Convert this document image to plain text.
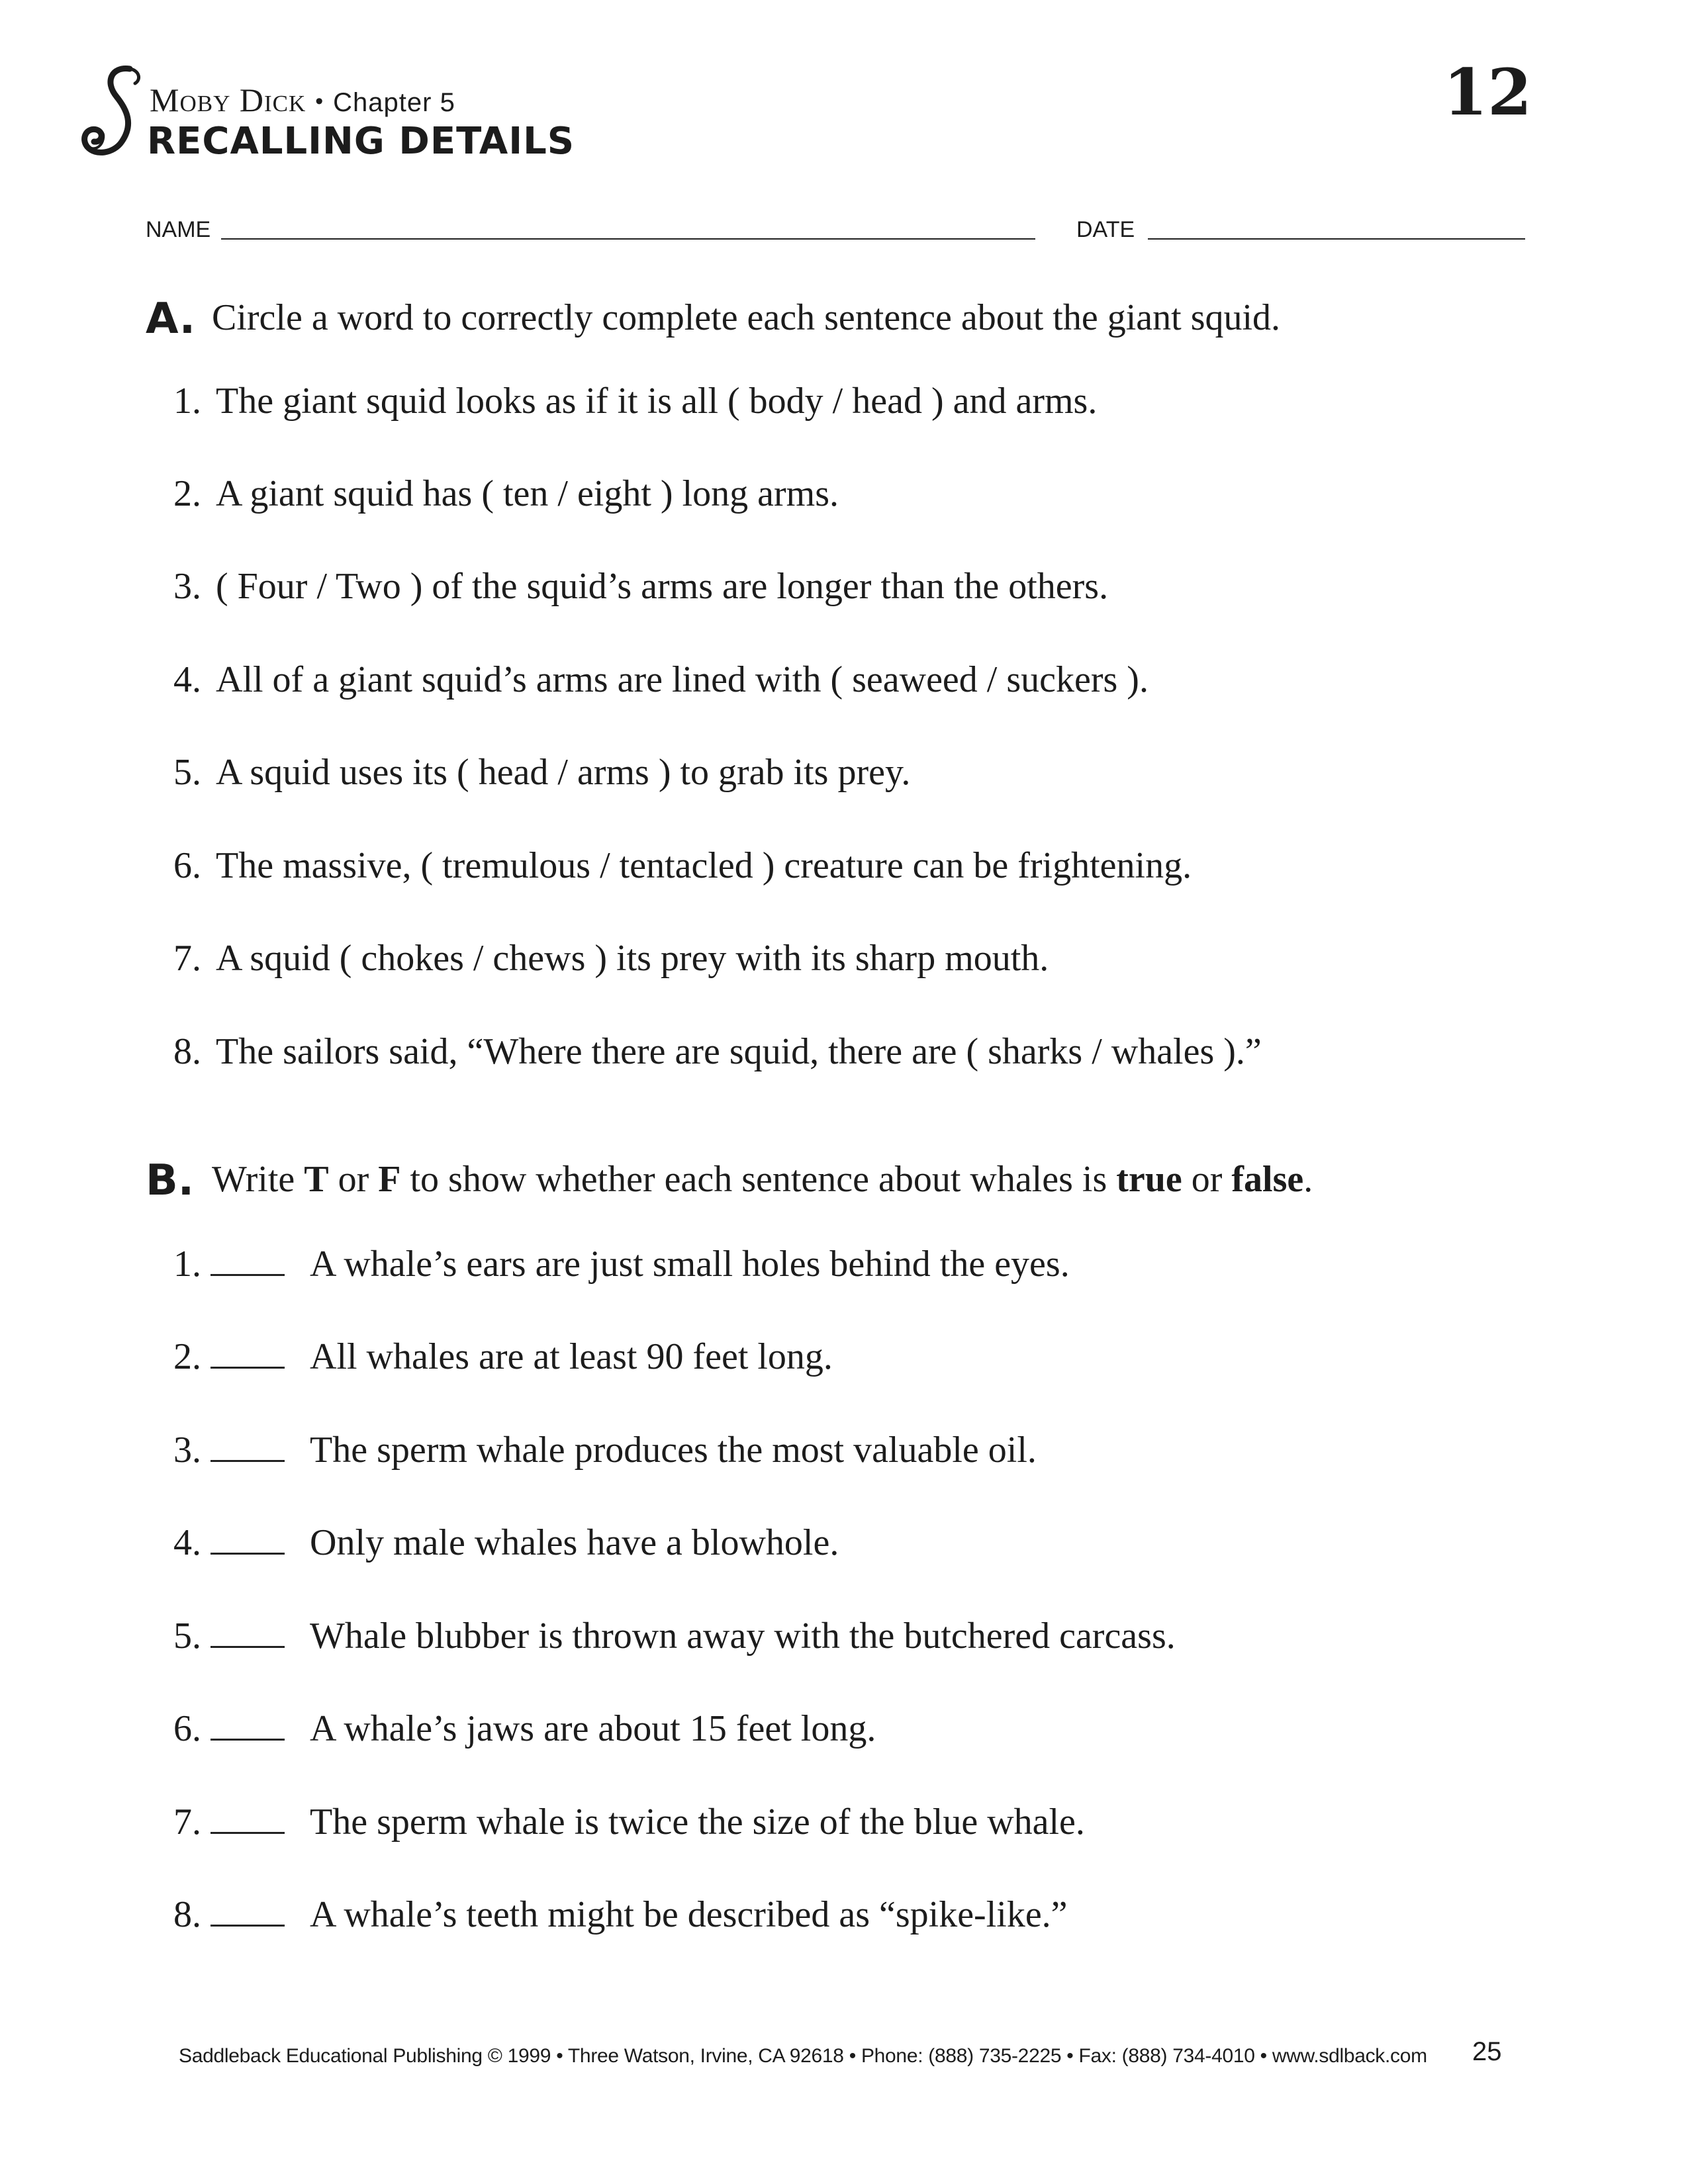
Moby Dick • Chapter 5
RECALLING DETAILS
12
NAME	DATE
A. Circle a word to correctly complete each sentence about the giant squid.
1. The giant squid looks as if it is all ( body / head ) and arms.
2. A giant squid has ( ten / eight ) long arms.
3. ( Four / Two ) of the squid’s arms are longer than the others.
4. All of a giant squid’s arms are lined with ( seaweed / suckers ).
5. A squid uses its ( head / arms ) to grab its prey.
6. The massive, ( tremulous / tentacled ) creature can be frightening.
7. A squid ( chokes / chews ) its prey with its sharp mouth.
8. The sailors said, “Where there are squid, there are ( sharks / whales ).”
B. Write T or F to show whether each sentence about whales is true or false.
1.	A whale’s ears are just small holes behind the eyes.
2.	All whales are at least 90 feet long.
3.	The sperm whale produces the most valuable oil.
4.	Only male whales have a blowhole.
5.	Whale blubber is thrown away with the butchered carcass.
6.	A whale’s jaws are about 15 feet long.
7.	The sperm whale is twice the size of the blue whale.
8.	A whale’s teeth might be described as “spike-like.”
Saddleback Educational Publishing © 1999 • Three Watson, Irvine, CA 92618 • Phone: (888) 735-2225 • Fax: (888) 734-4010 • www.sdlback.com 25
